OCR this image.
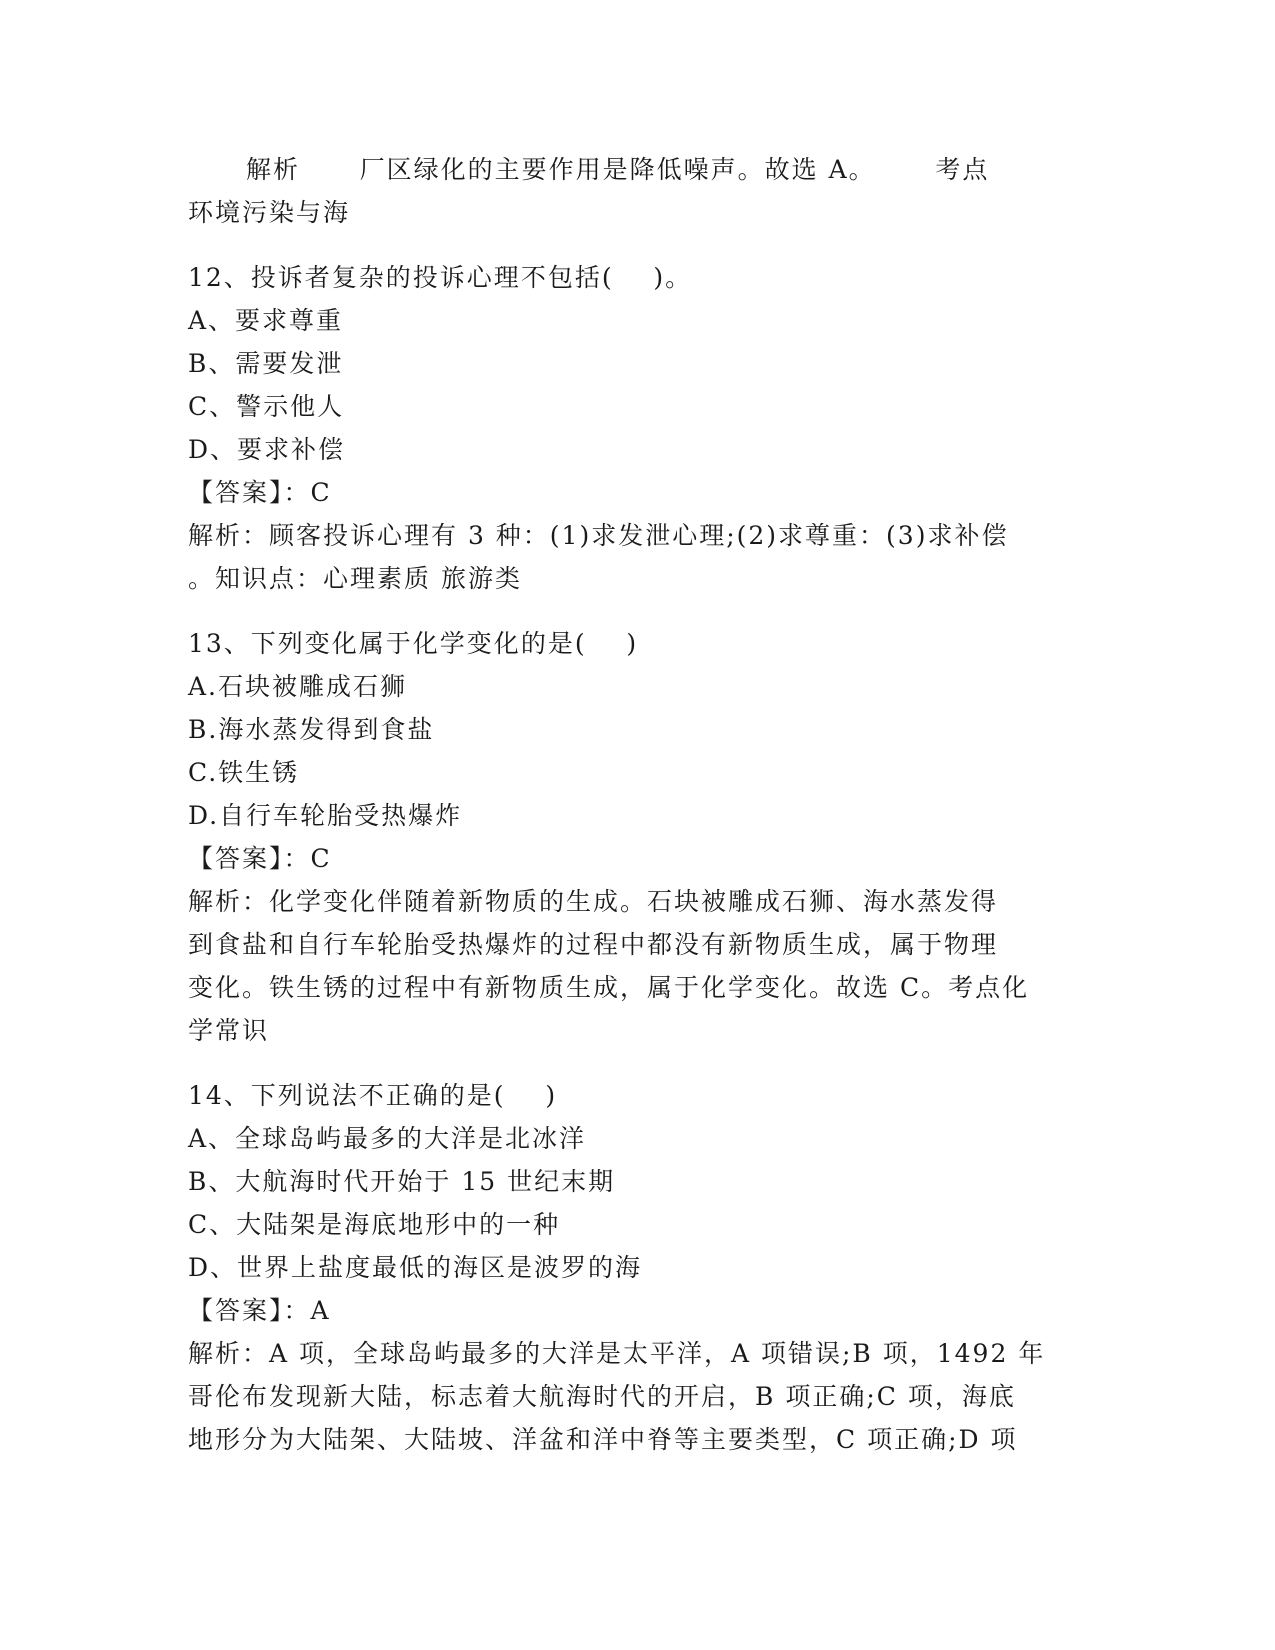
解析      厂区绿化的主要作用是降低噪声。故选 A。      考点
环境污染与海
12、投诉者复杂的投诉心理不包括(    )。
A、要求尊重
B、需要发泄
C、警示他人
D、要求补偿
【答案】：C
解析：顾客投诉心理有 3 种：(1)求发泄心理;(2)求尊重：(3)求补偿
。知识点：心理素质 旅游类
13、下列变化属于化学变化的是(    )
A.石块被雕成石狮
B.海水蒸发得到食盐
C.铁生锈
D.自行车轮胎受热爆炸
【答案】：C
解析：化学变化伴随着新物质的生成。石块被雕成石狮、海水蒸发得
到食盐和自行车轮胎受热爆炸的过程中都没有新物质生成，属于物理
变化。铁生锈的过程中有新物质生成，属于化学变化。故选 C。考点化
学常识
14、下列说法不正确的是(    )
A、全球岛屿最多的大洋是北冰洋
B、大航海时代开始于 15 世纪末期
C、大陆架是海底地形中的一种
D、世界上盐度最低的海区是波罗的海
【答案】：A
解析：A 项，全球岛屿最多的大洋是太平洋，A 项错误;B 项，1492 年
哥伦布发现新大陆，标志着大航海时代的开启，B 项正确;C 项，海底
地形分为大陆架、大陆坡、洋盆和洋中脊等主要类型，C 项正确;D 项
